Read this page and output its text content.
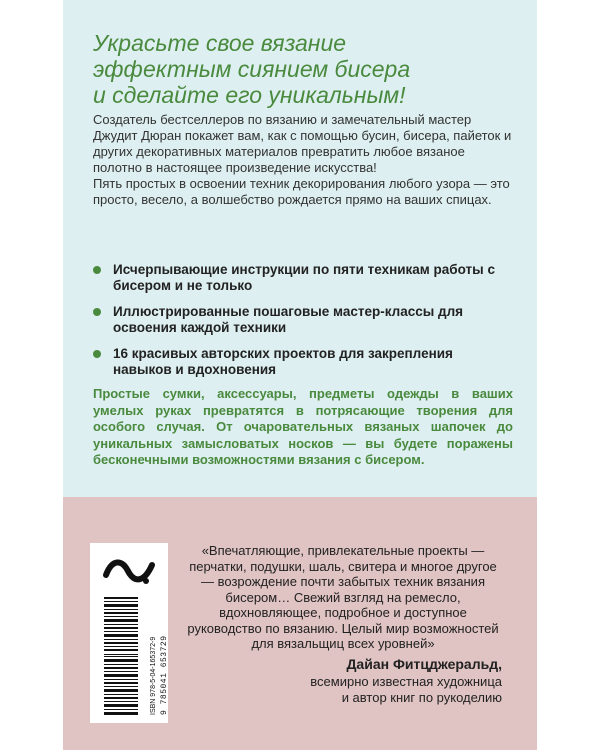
Украсьте свое вязание
эффектным сиянием бисера
и сделайте его уникальным!

Создатель бестселлеров по вязанию и замечательный мастер Джудит Дюран покажет вам, как с помощью бусин, бисера, пайеток и других декоративных материалов превратить любое вязаное полотно в настоящее произведение искусства!

Пять простых в освоении техник декорирования любого узора — это просто, весело, а волшебство рождается прямо на ваших спицах.

Исчерпывающие инструкции по пяти техникам работы с бисером и не только
Иллюстрированные пошаговые мастер-классы для освоения каждой техники
16 красивых авторских проектов для закрепления навыков и вдохновения

Простые сумки, аксессуары, предметы одежды в ваших умелых руках превратятся в потрясающие творения для особого случая. От очаровательных вязаных шапочек до уникальных замысловатых носков — вы будете поражены бесконечными возможностями вязания с бисером.

ISBN 978-5-04-165372-9 9 785041 653729

«Впечатляющие, привлекательные проекты — перчатки, подушки, шаль, свитера и многое другое — возрождение почти забытых техник вязания бисером… Свежий взгляд на ремесло, вдохновляющее, подробное и доступное руководство по вязанию. Целый мир возможностей для вязальщиц всех уровней»

Дайан Фитцджеральд,
всемирно известная художница
и автор книг по рукоделию
